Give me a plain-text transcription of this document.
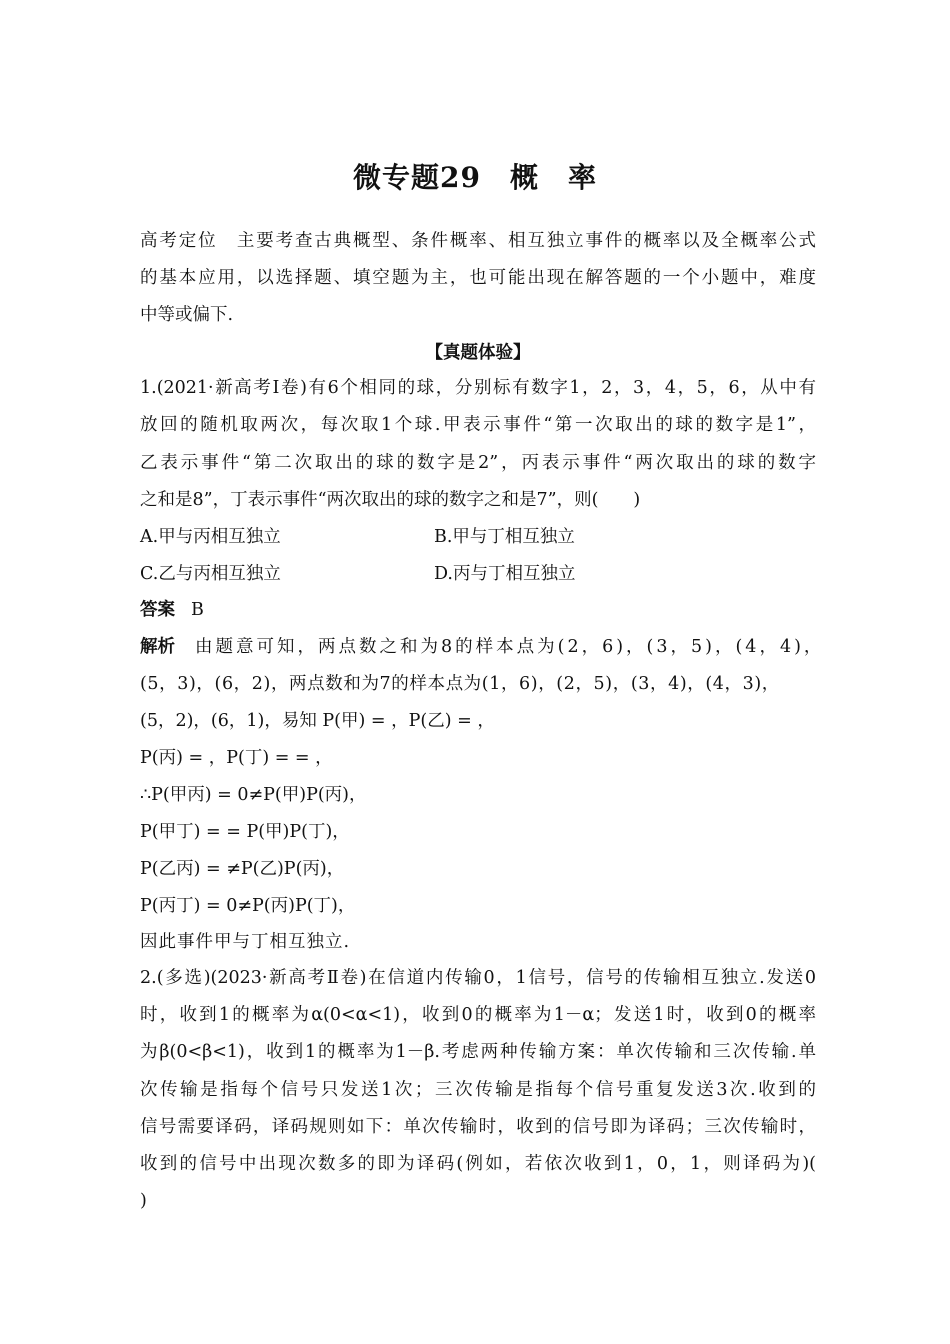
微专题29　概　率
高考定位　主要考查古典概型、条件概率、相互独立事件的概率以及全概率公式
的基本应用，以选择题、填空题为主，也可能出现在解答题的一个小题中，难度
中等或偏下.
【真题体验】
1.(2021·新高考Ⅰ卷)有6个相同的球，分别标有数字1，2，3，4，5，6，从中有
放回的随机取两次，每次取1个球.甲表示事件“第一次取出的球的数字是1”，
乙表示事件“第二次取出的球的数字是2”，丙表示事件“两次取出的球的数字
之和是8”，丁表示事件“两次取出的球的数字之和是7”，则(　　)
A.甲与丙相互独立	B.甲与丁相互独立
C.乙与丙相互独立	D.丙与丁相互独立
答案 B
解析 由题意可知，两点数之和为8的样本点为(2，6)，(3，5)，(4，4)，
(5，3)，(6，2)，两点数和为7的样本点为(1，6)，(2，5)，(3，4)，(4，3)，
(5，2)，(6，1)，易知 P(甲) = ，P(乙) = ，
P(丙) = ，P(丁) = = ，
∴P(甲丙) = 0≠P(甲)P(丙)，
P(甲丁) = = P(甲)P(丁)，
P(乙丙) = ≠P(乙)P(丙)，
P(丙丁) = 0≠P(丙)P(丁)，
因此事件甲与丁相互独立.
2.(多选)(2023·新高考Ⅱ卷)在信道内传输0，1信号，信号的传输相互独立.发送0
时，收到1的概率为α(0<α<1)，收到0的概率为1－α；发送1时，收到0的概率
为β(0<β<1)，收到1的概率为1－β.考虑两种传输方案：单次传输和三次传输.单
次传输是指每个信号只发送1次；三次传输是指每个信号重复发送3次.收到的
信号需要译码，译码规则如下：单次传输时，收到的信号即为译码；三次传输时，
收到的信号中出现次数多的即为译码(例如，若依次收到1，0，1，则译码为)(
)
